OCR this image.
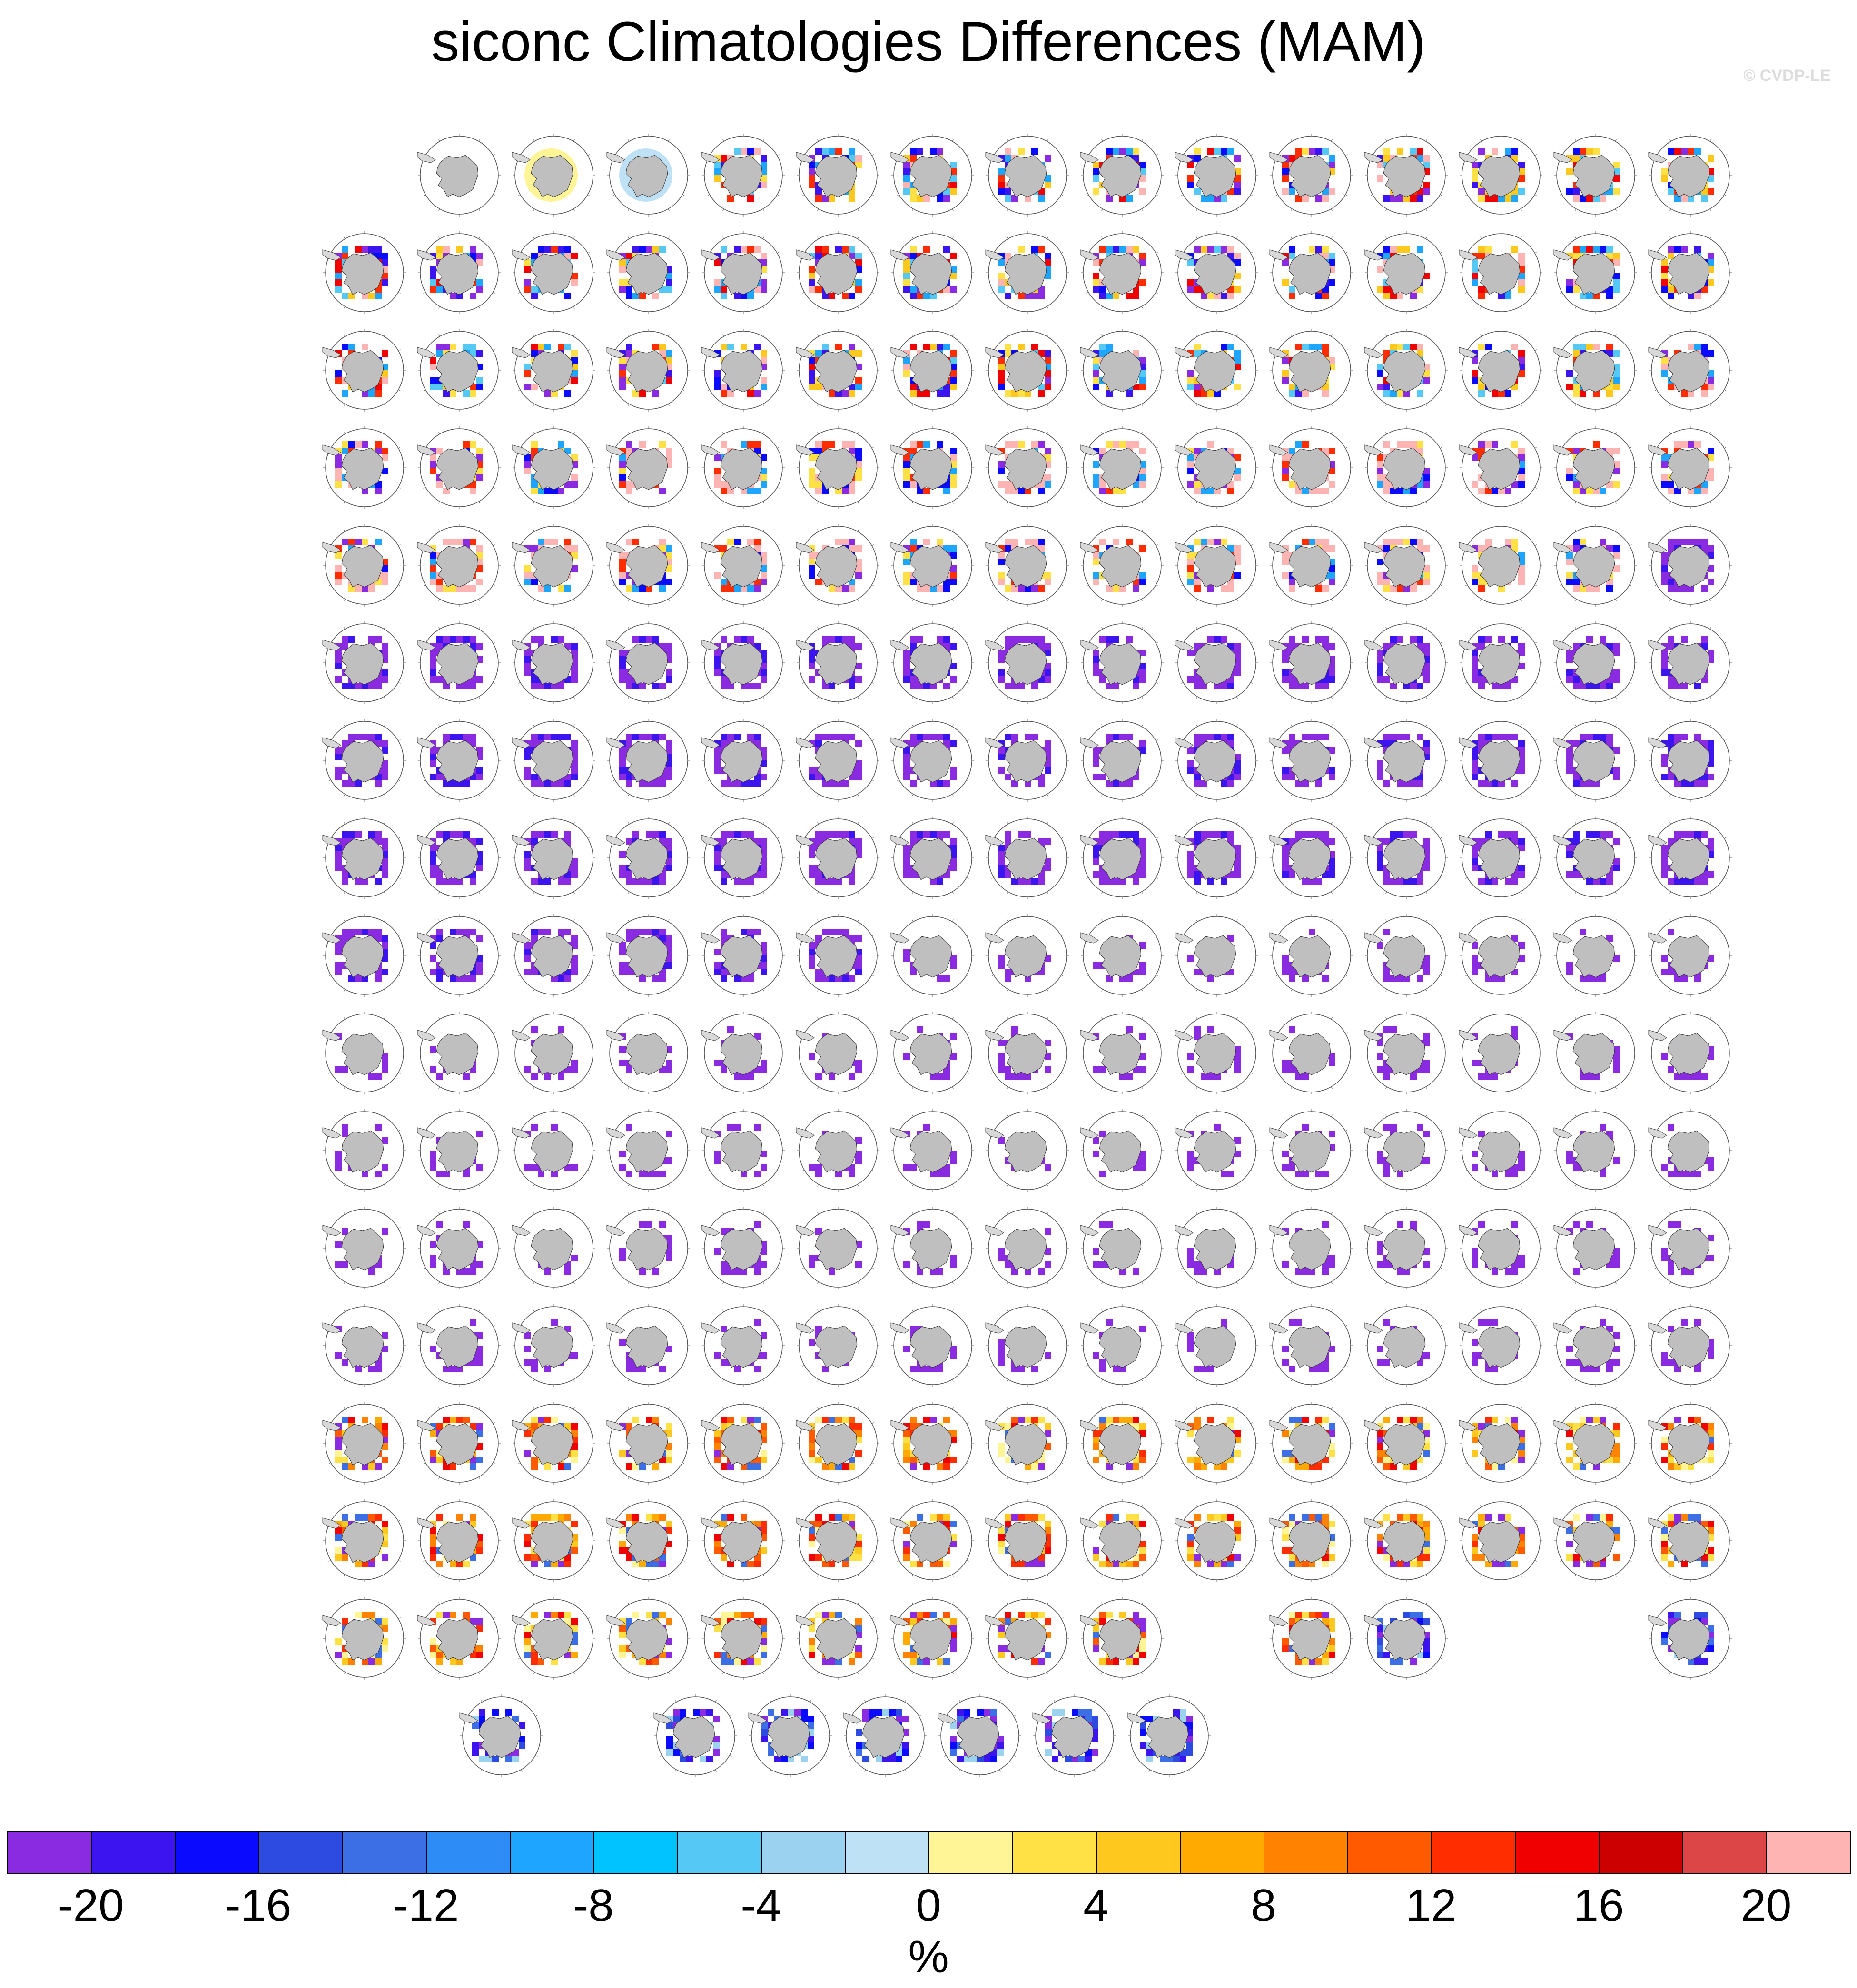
siconc Climatologies Differences (MAM)
© CVDP-LE
-20 -16 -12 -8	-4	0	4	8	12	16	20
%
